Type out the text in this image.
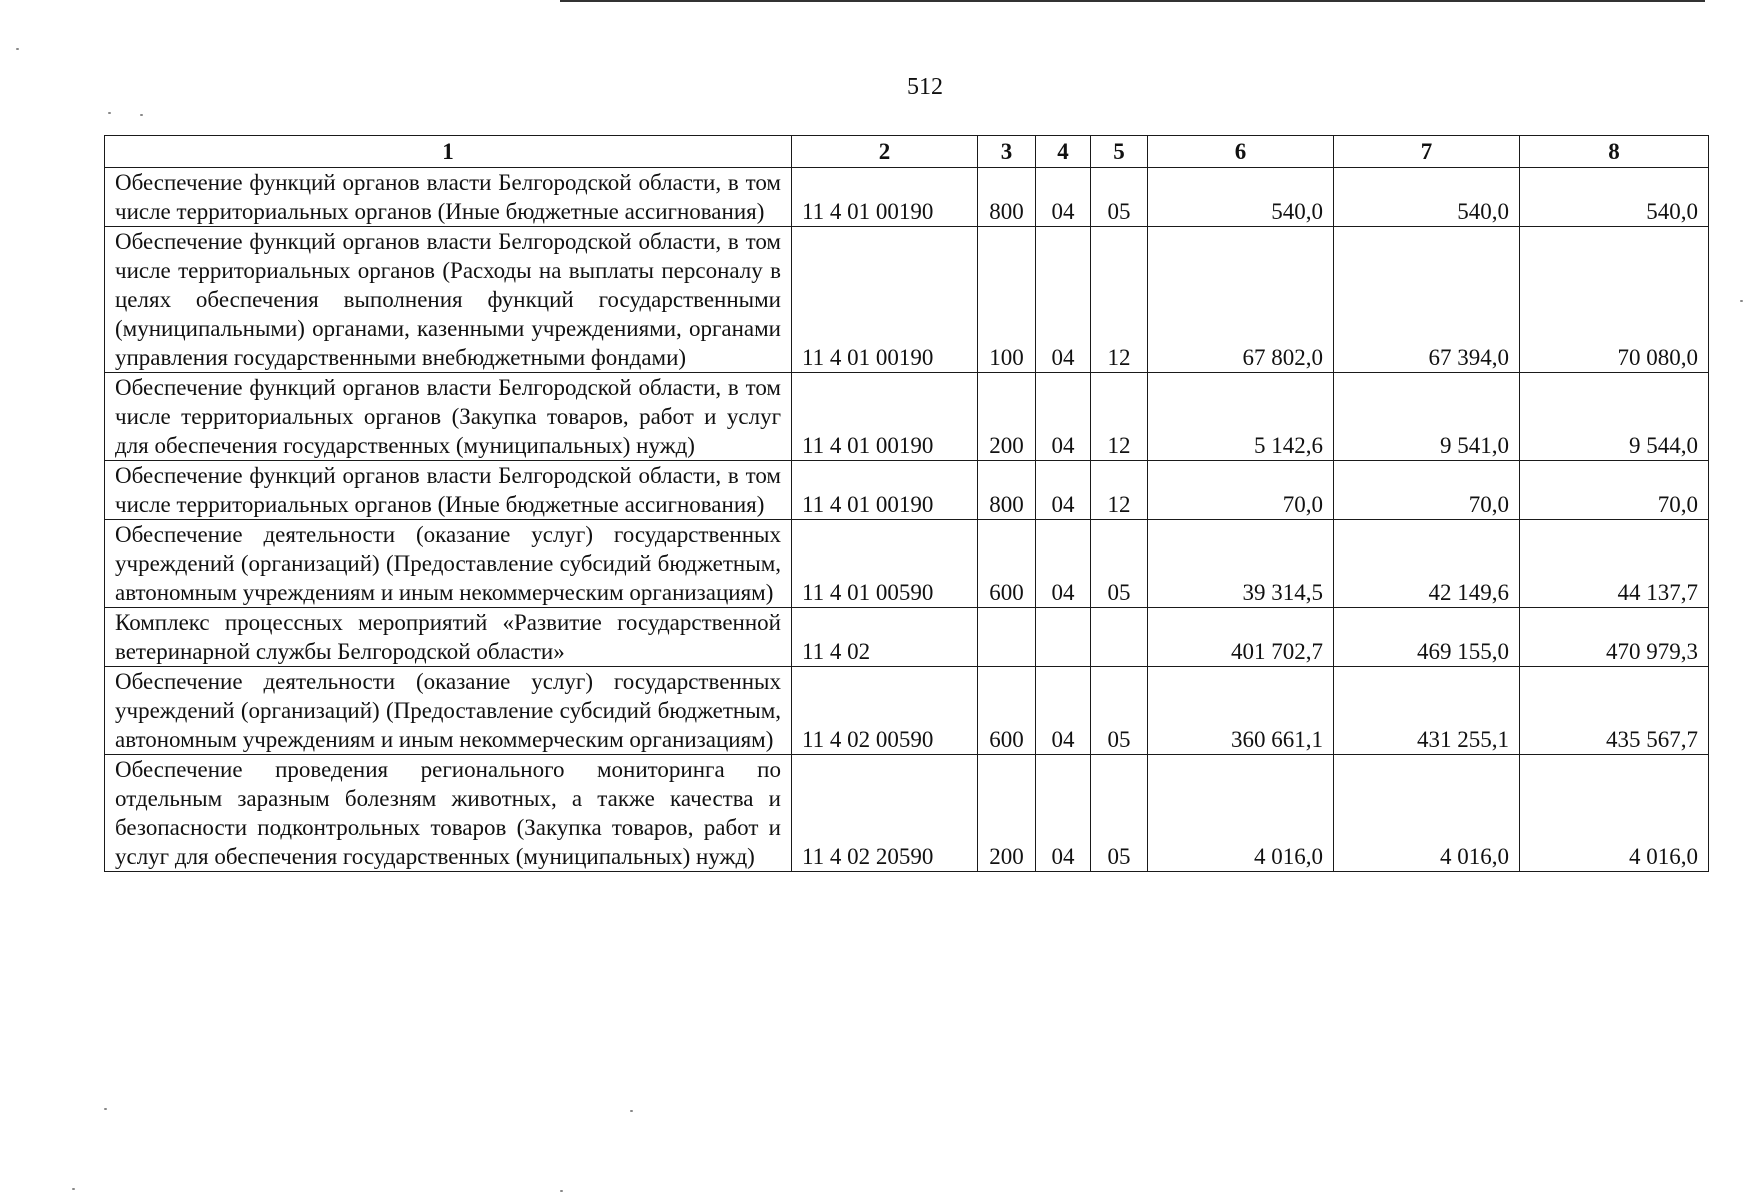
512
1	2	3	4	5	6	7	8
Обеспечение функций органов власти Белгородской области, в том числе территориальных органов (Иные бюджетные ассигнования)	11 4 01 00190	800	04	05	540,0	540,0	540,0
Обеспечение функций органов власти Белгородской области, в том числе территориальных органов (Расходы на выплаты персоналу в целях обеспечения выполнения функций государственными (муниципальными) органами, казенными учреждениями, органами управления государственными внебюджетными фондами)	11 4 01 00190	100	04	12	67 802,0	67 394,0	70 080,0
Обеспечение функций органов власти Белгородской области, в том числе территориальных органов (Закупка товаров, работ и услуг для обеспечения государственных (муниципальных) нужд)	11 4 01 00190	200	04	12	5 142,6	9 541,0	9 544,0
Обеспечение функций органов власти Белгородской области, в том числе территориальных органов (Иные бюджетные ассигнования)	11 4 01 00190	800	04	12	70,0	70,0	70,0
Обеспечение деятельности (оказание услуг) государственных учреждений (организаций) (Предоставление субсидий бюджетным, автономным учреждениям и иным некоммерческим организациям)	11 4 01 00590	600	04	05	39 314,5	42 149,6	44 137,7
Комплекс процессных мероприятий «Развитие государственной ветеринарной службы Белгородской области»	11 4 02				401 702,7	469 155,0	470 979,3
Обеспечение деятельности (оказание услуг) государственных учреждений (организаций) (Предоставление субсидий бюджетным, автономным учреждениям и иным некоммерческим организациям)	11 4 02 00590	600	04	05	360 661,1	431 255,1	435 567,7
Обеспечение проведения регионального мониторинга по отдельным заразным болезням животных, а также качества и безопасности подконтрольных товаров (Закупка товаров, работ и услуг для обеспечения государственных (муниципальных) нужд)	11 4 02 20590	200	04	05	4 016,0	4 016,0	4 016,0
